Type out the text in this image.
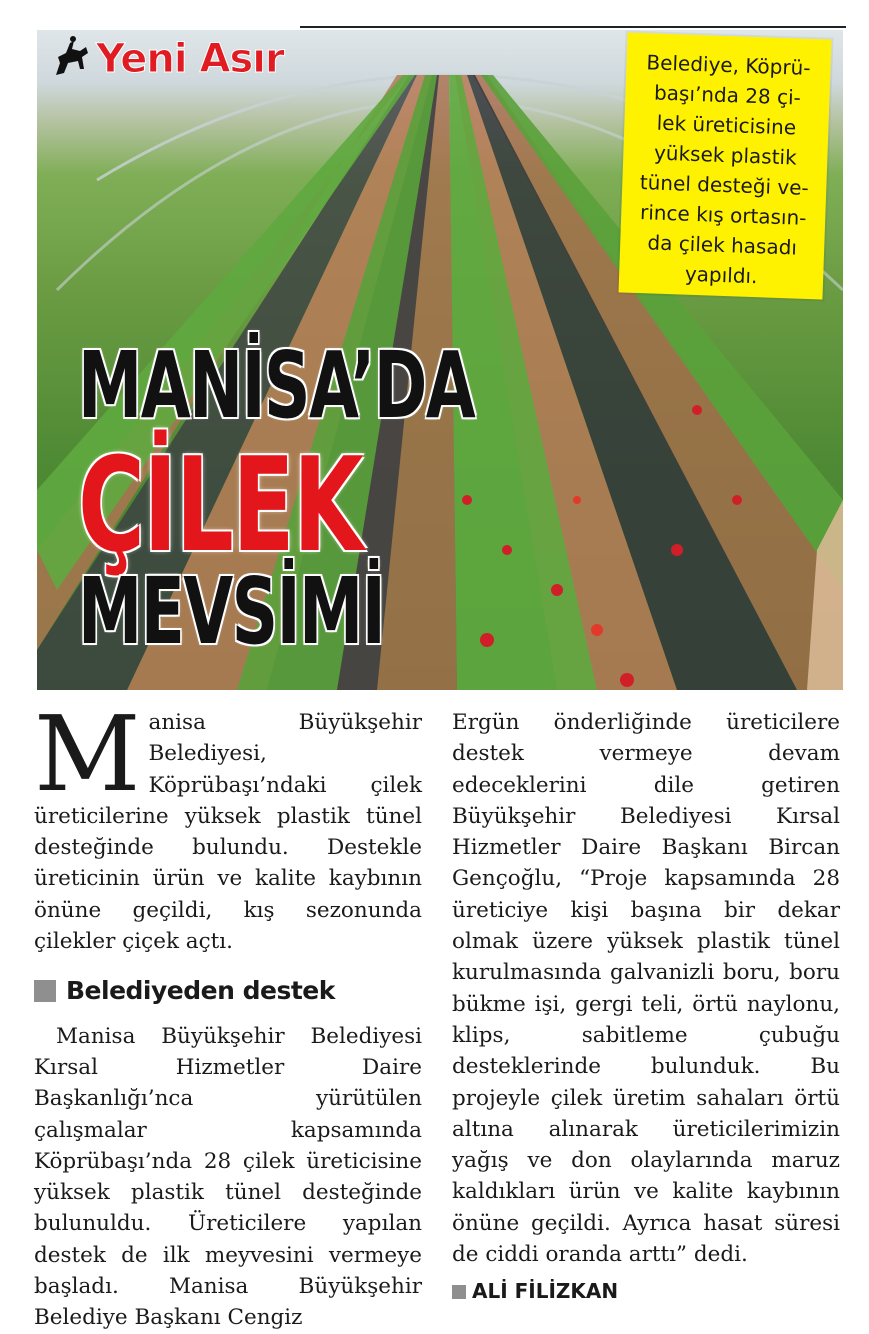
Yeni Asır	Belediye, Köprü-
başı’nda 28 çi-
lek üreticisine
yüksek plastik
tünel desteği ve-
rince kış ortasın-
da çilek hasadı
yapıldı.
MANİSA’DA
ÇİLEK
MEVSİMİ

Manisa Büyükşehir Belediyesi, Köprübaşı’ndaki çilek üreticilerine yüksek plastik tünel desteğinde bulundu. Destekle üreticinin ürün ve kalite kaybının önüne geçildi, kış sezonunda çilekler çiçek açtı.

Belediyeden destek

Manisa Büyükşehir Belediyesi Kırsal Hizmetler Daire Başkanlığı’nca yürütülen çalışmalar kapsamında Köprübaşı’nda 28 çilek üreticisine yüksek plastik tünel desteğinde bulunuldu. Üreticilere yapılan destek de ilk meyvesini vermeye başladı. Manisa Büyükşehir Belediye Başkanı Cengiz

Ergün önderliğinde üreticilere destek vermeye devam edeceklerini dile getiren Büyükşehir Belediyesi Kırsal Hizmetler Daire Başkanı Bircan Gençoğlu, “Proje kapsamında 28 üreticiye kişi başına bir dekar olmak üzere yüksek plastik tünel kurulmasında galvanizli boru, boru bükme işi, gergi teli, örtü naylonu, klips, sabitleme çubuğu desteklerinde bulunduk. Bu projeyle çilek üretim sahaları örtü altına alınarak üreticilerimizin yağış ve don olaylarında maruz kaldıkları ürün ve kalite kaybının önüne geçildi. Ayrıca hasat süresi de ciddi oranda arttı” dedi.

ALİ FİLİZKAN
